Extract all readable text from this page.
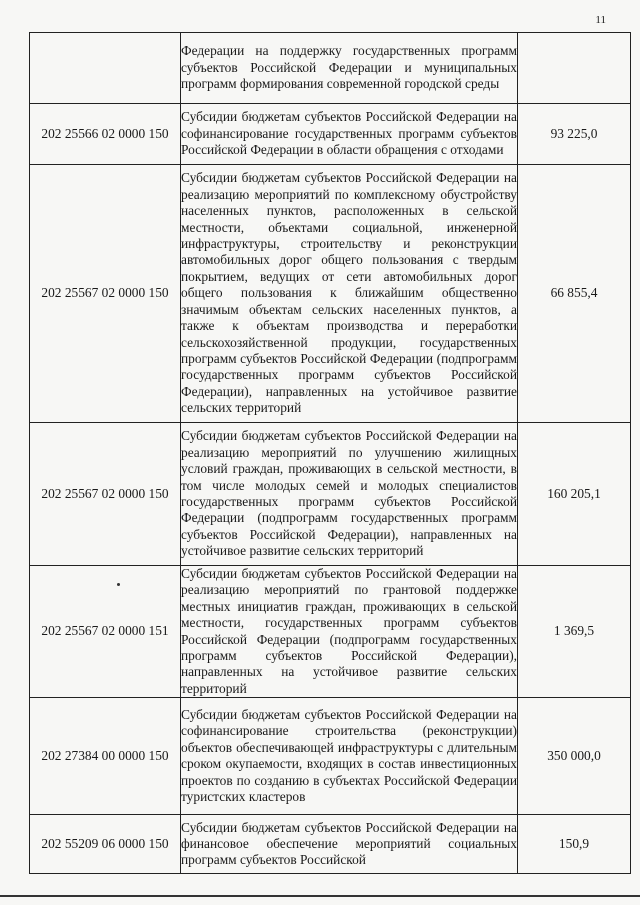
11

	Федерации на поддержку государственных программ субъектов Российской Федерации и муниципальных программ формирования современной городской среды	

202 25566 02 0000 150	Субсидии бюджетам субъектов Российской Федерации на софинансирование государственных программ субъектов Российской Федерации в области обращения с отходами	93 225,0
202 25567 02 0000 150	Субсидии бюджетам субъектов Российской Федерации на реализацию мероприятий по комплексному обустройству населенных пунктов, расположенных в сельской местности, объектами социальной, инженерной инфраструктуры, строительству и реконструкции автомобильных дорог общего пользования с твердым покрытием, ведущих от сети автомобильных дорог общего пользования к ближайшим общественно значимым объектам сельских населенных пунктов, а также к объектам производства и переработки сельскохозяйственной продукции, государственных программ субъектов Российской Федерации (подпрограмм государственных программ субъектов Российской Федерации), направленных на устойчивое развитие сельских территорий	66 855,4
202 25567 02 0000 150	Субсидии бюджетам субъектов Российской Федерации на реализацию мероприятий по улучшению жилищных условий граждан, проживающих в сельской местности, в том числе молодых семей и молодых специалистов государственных программ субъектов Российской Федерации (подпрограмм государственных программ субъектов Российской Федерации), направленных на устойчивое развитие сельских территорий	160 205,1
202 25567 02 0000 151	Субсидии бюджетам субъектов Российской Федерации на реализацию мероприятий по грантовой поддержке местных инициатив граждан, проживающих в сельской местности, государственных программ субъектов Российской Федерации (подпрограмм государственных программ субъектов Российской Федерации), направленных на устойчивое развитие сельских территорий	1 369,5
202 27384 00 0000 150	Субсидии бюджетам субъектов Российской Федерации на софинансирование строительства (реконструкции) объектов обеспечивающей инфраструктуры с длительным сроком окупаемости, входящих в состав инвестиционных проектов по созданию в субъектах Российской Федерации туристских кластеров	350 000,0
202 55209 06 0000 150	Субсидии бюджетам субъектов Российской Федерации на финансовое обеспечение мероприятий социальных программ субъектов Российской	150,9
